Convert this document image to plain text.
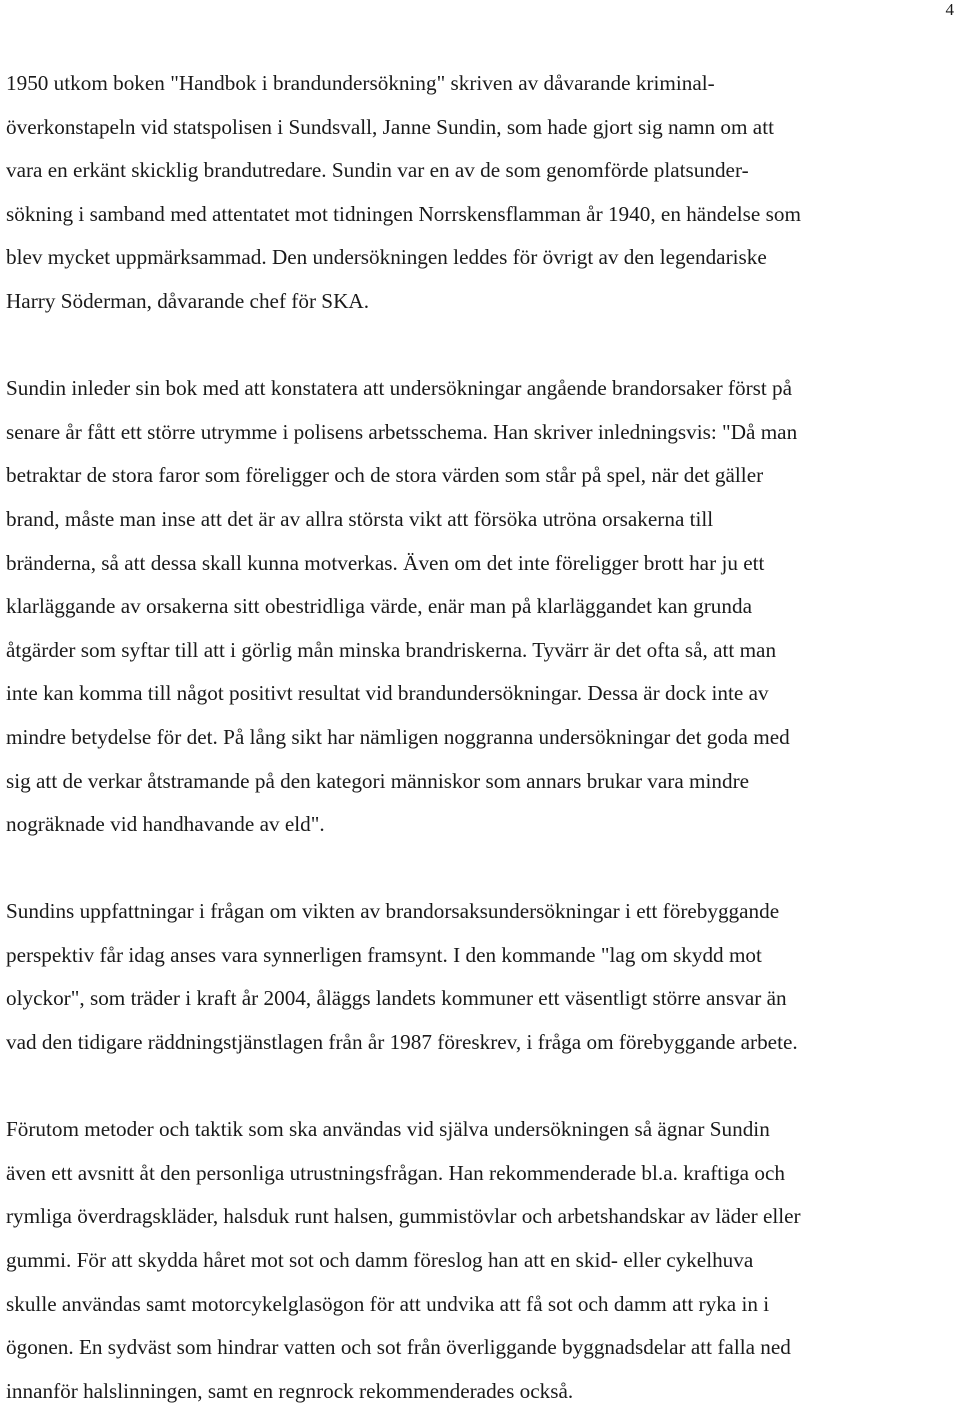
4

1950 utkom boken "Handbok i brandundersökning" skriven av dåvarande kriminal-
överkonstapeln vid statspolisen i Sundsvall, Janne Sundin, som hade gjort sig namn om att
vara en erkänt skicklig brandutredare. Sundin var en av de som genomförde platsunder-
sökning i samband med attentatet mot tidningen Norrskensflamman år 1940, en händelse som
blev mycket uppmärksammad. Den undersökningen leddes för övrigt av den legendariske
Harry Söderman, dåvarande chef för SKA.

Sundin inleder sin bok med att konstatera att undersökningar angående brandorsaker först på
senare år fått ett större utrymme i polisens arbetsschema. Han skriver inledningsvis: "Då man
betraktar de stora faror som föreligger och de stora värden som står på spel, när det gäller
brand, måste man inse att det är av allra största vikt att försöka utröna orsakerna till
bränderna, så att dessa skall kunna motverkas. Även om det inte föreligger brott har ju ett
klarläggande av orsakerna sitt obestridliga värde, enär man på klarläggandet kan grunda
åtgärder som syftar till att i görlig mån minska brandriskerna. Tyvärr är det ofta så, att man
inte kan komma till något positivt resultat vid brandundersökningar. Dessa är dock inte av
mindre betydelse för det. På lång sikt har nämligen noggranna undersökningar det goda med
sig att de verkar åtstramande på den kategori människor som annars brukar vara mindre
nogräknade vid handhavande av eld".

Sundins uppfattningar i frågan om vikten av brandorsaksundersökningar i ett förebyggande
perspektiv får idag anses vara synnerligen framsynt. I den kommande "lag om skydd mot
olyckor", som träder i kraft år 2004, åläggs landets kommuner ett väsentligt större ansvar än
vad den tidigare räddningstjänstlagen från år 1987 föreskrev, i fråga om förebyggande arbete.

Förutom metoder och taktik som ska användas vid själva undersökningen så ägnar Sundin
även ett avsnitt åt den personliga utrustningsfrågan. Han rekommenderade bl.a. kraftiga och
rymliga överdragskläder, halsduk runt halsen, gummistövlar och arbetshandskar av läder eller
gummi. För att skydda håret mot sot och damm föreslog han att en skid- eller cykelhuva
skulle användas samt motorcykelglasögon för att undvika att få sot och damm att ryka in i
ögonen. En sydväst som hindrar vatten och sot från överliggande byggnadsdelar att falla ned
innanför halslinningen, samt en regnrock rekommenderades också.
